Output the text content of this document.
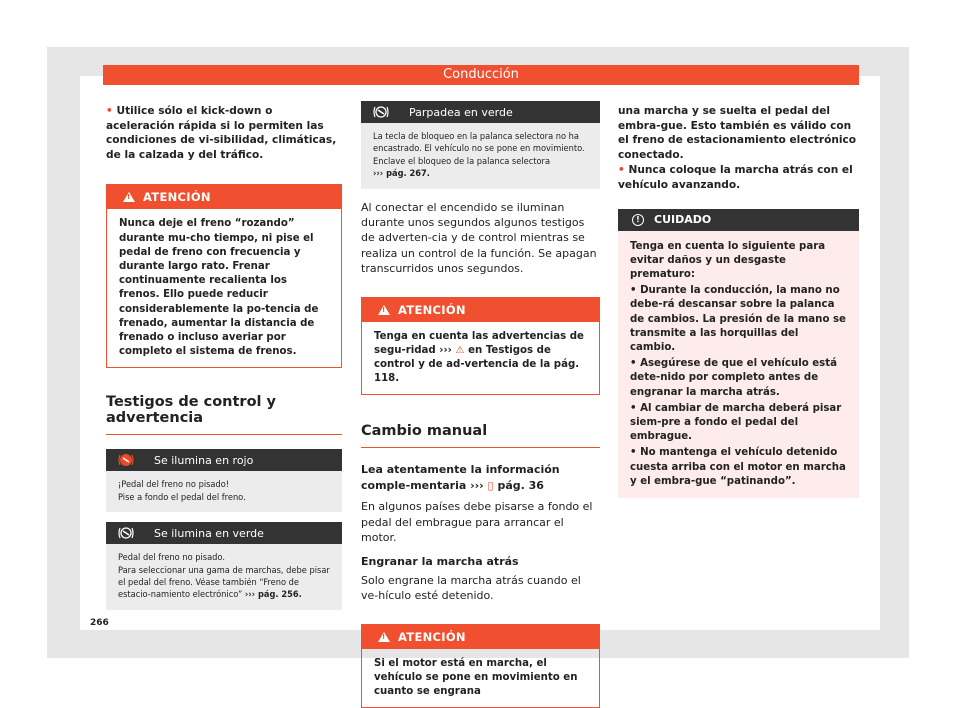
Conducción

• Utilice sólo el kick-down o aceleración rápida si lo permiten las condiciones de vi-sibilidad, climáticas, de la calzada y del tráfico.

!
ATENCIÓN
Nunca deje el freno “rozando” durante mu-cho tiempo, ni pise el pedal de freno con frecuencia y durante largo rato. Frenar continuamente recalienta los frenos. Ello puede reducir considerablemente la po-tencia de frenado, aumentar la distancia de frenado o incluso averiar por completo el sistema de frenos.
Testigos de control y advertencia
Se ilumina en rojo
¡Pedal del freno no pisado!
Pise a fondo el pedal del freno.
Se ilumina en verde
Pedal del freno no pisado.
Para seleccionar una gama de marchas, debe pisar el pedal del freno. Véase también “Freno de estacio-namiento electrónico” ››› pág. 256.
Parpadea en verde
La tecla de bloqueo en la palanca selectora no ha encastrado. El vehículo no se pone en movimiento. Enclave el bloqueo de la palanca selectora
››› pág. 267.

Al conectar el encendido se iluminan durante unos segundos algunos testigos de adverten-cia y de control mientras se realiza un control de la función. Se apagan transcurridos unos segundos.

!
ATENCIÓN
Tenga en cuenta las advertencias de segu-ridad ››› ⚠ en Testigos de control y de ad-vertencia de la pág. 118.
Cambio manual

Lea atentamente la información comple-mentaria ››› ▯ pág. 36

En algunos países debe pisarse a fondo el pedal del embrague para arrancar el motor.

Engranar la marcha atrás

Solo engrane la marcha atrás cuando el ve-hículo esté detenido.

!
ATENCIÓN
Si el motor está en marcha, el vehículo se pone en movimiento en cuanto se engrana

una marcha y se suelta el pedal del embra-gue. Esto también es válido con el freno de estacionamiento electrónico conectado.

• Nunca coloque la marcha atrás con el vehículo avanzando.

!	CUIDADO

Tenga en cuenta lo siguiente para evitar daños y un desgaste prematuro:

• Durante la conducción, la mano no debe-rá descansar sobre la palanca de cambios. La presión de la mano se transmite a las horquillas del cambio.

• Asegúrese de que el vehículo está dete-nido por completo antes de engranar la marcha atrás.

• Al cambiar de marcha deberá pisar siem-pre a fondo el pedal del embrague.

• No mantenga el vehículo detenido cuesta arriba con el motor en marcha y el embra-gue “patinando”.

266
